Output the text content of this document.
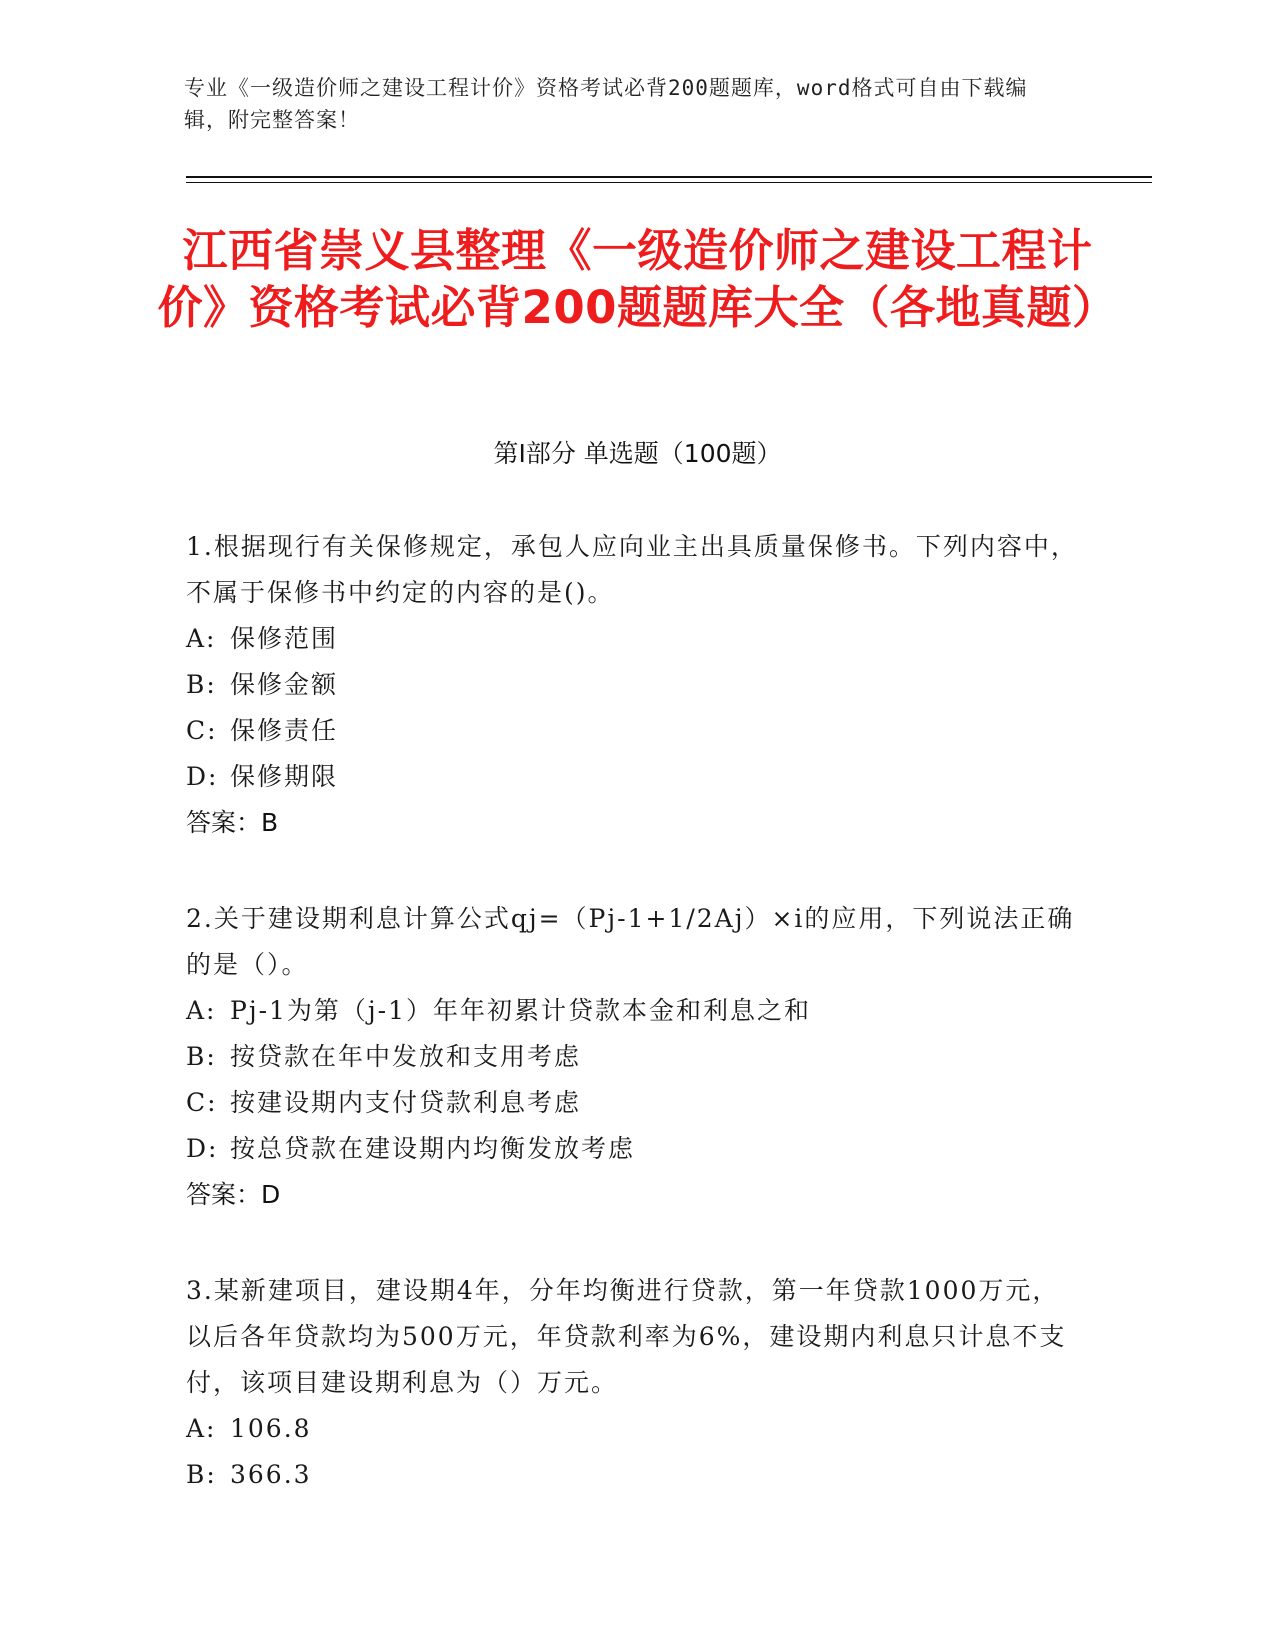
专业《一级造价师之建设工程计价》资格考试必背200题题库，word格式可自由下载编辑，附完整答案！
江西省崇义县整理《一级造价师之建设工程计价》资格考试必背200题题库大全（各地真题）
第I部分 单选题（100题）
1.根据现行有关保修规定，承包人应向业主出具质量保修书。下列内容中，不属于保修书中约定的内容的是()。
A: 保修范围
B: 保修金额
C: 保修责任
D: 保修期限
答案：B
2.关于建设期利息计算公式qj=（Pj-1+1/2Aj）×i的应用，下列说法正确的是（）。
A: Pj-1为第（j-1）年年初累计贷款本金和利息之和
B: 按贷款在年中发放和支用考虑
C: 按建设期内支付贷款利息考虑
D: 按总贷款在建设期内均衡发放考虑
答案：D
3.某新建项目，建设期4年，分年均衡进行贷款，第一年贷款1000万元，以后各年贷款均为500万元，年贷款利率为6%，建设期内利息只计息不支付，该项目建设期利息为（）万元。
A: 106.8
B: 366.3
